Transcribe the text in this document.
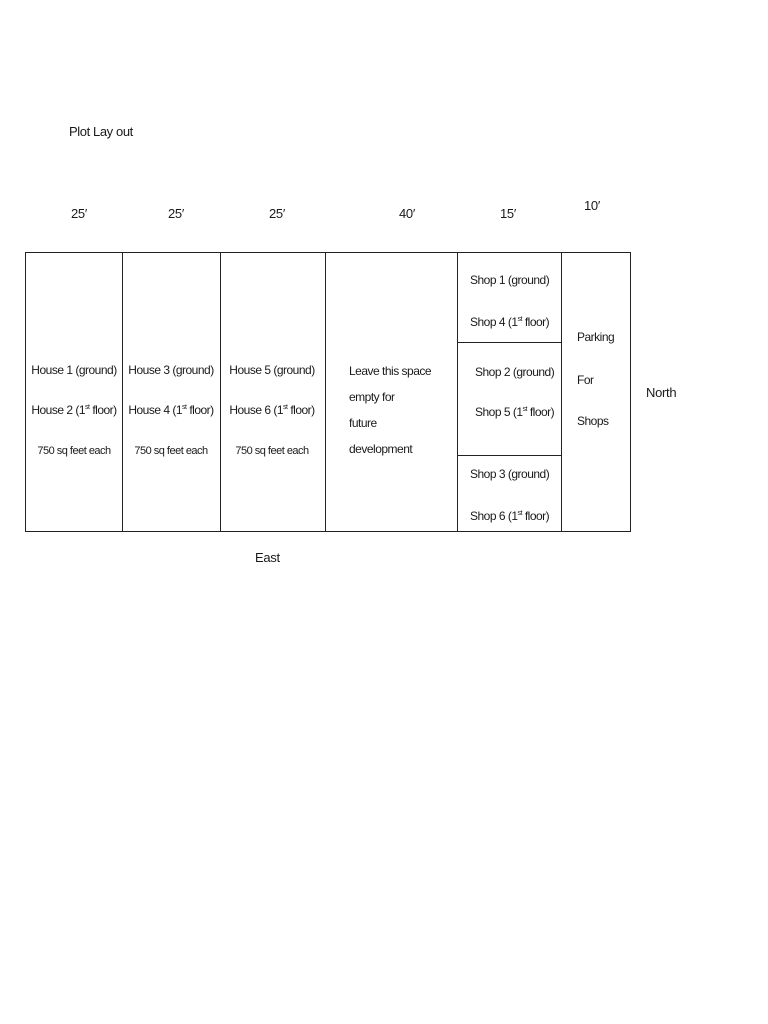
Plot Lay out
25′	25′	25′	40′	15′
10′
House 1 (ground)
House 2 (1st floor)
750 sq feet each
House 3 (ground)
House 4 (1st floor)
750 sq feet each
House 5 (ground)
House 6 (1st floor)
750 sq feet each
Leave this space
empty for
future
development
Shop 1 (ground)
Shop 4 (1st floor)
Shop 2 (ground)
Shop 5 (1st floor)
Shop 3 (ground)
Shop 6 (1st floor)
Parking
For
Shops
North
East
